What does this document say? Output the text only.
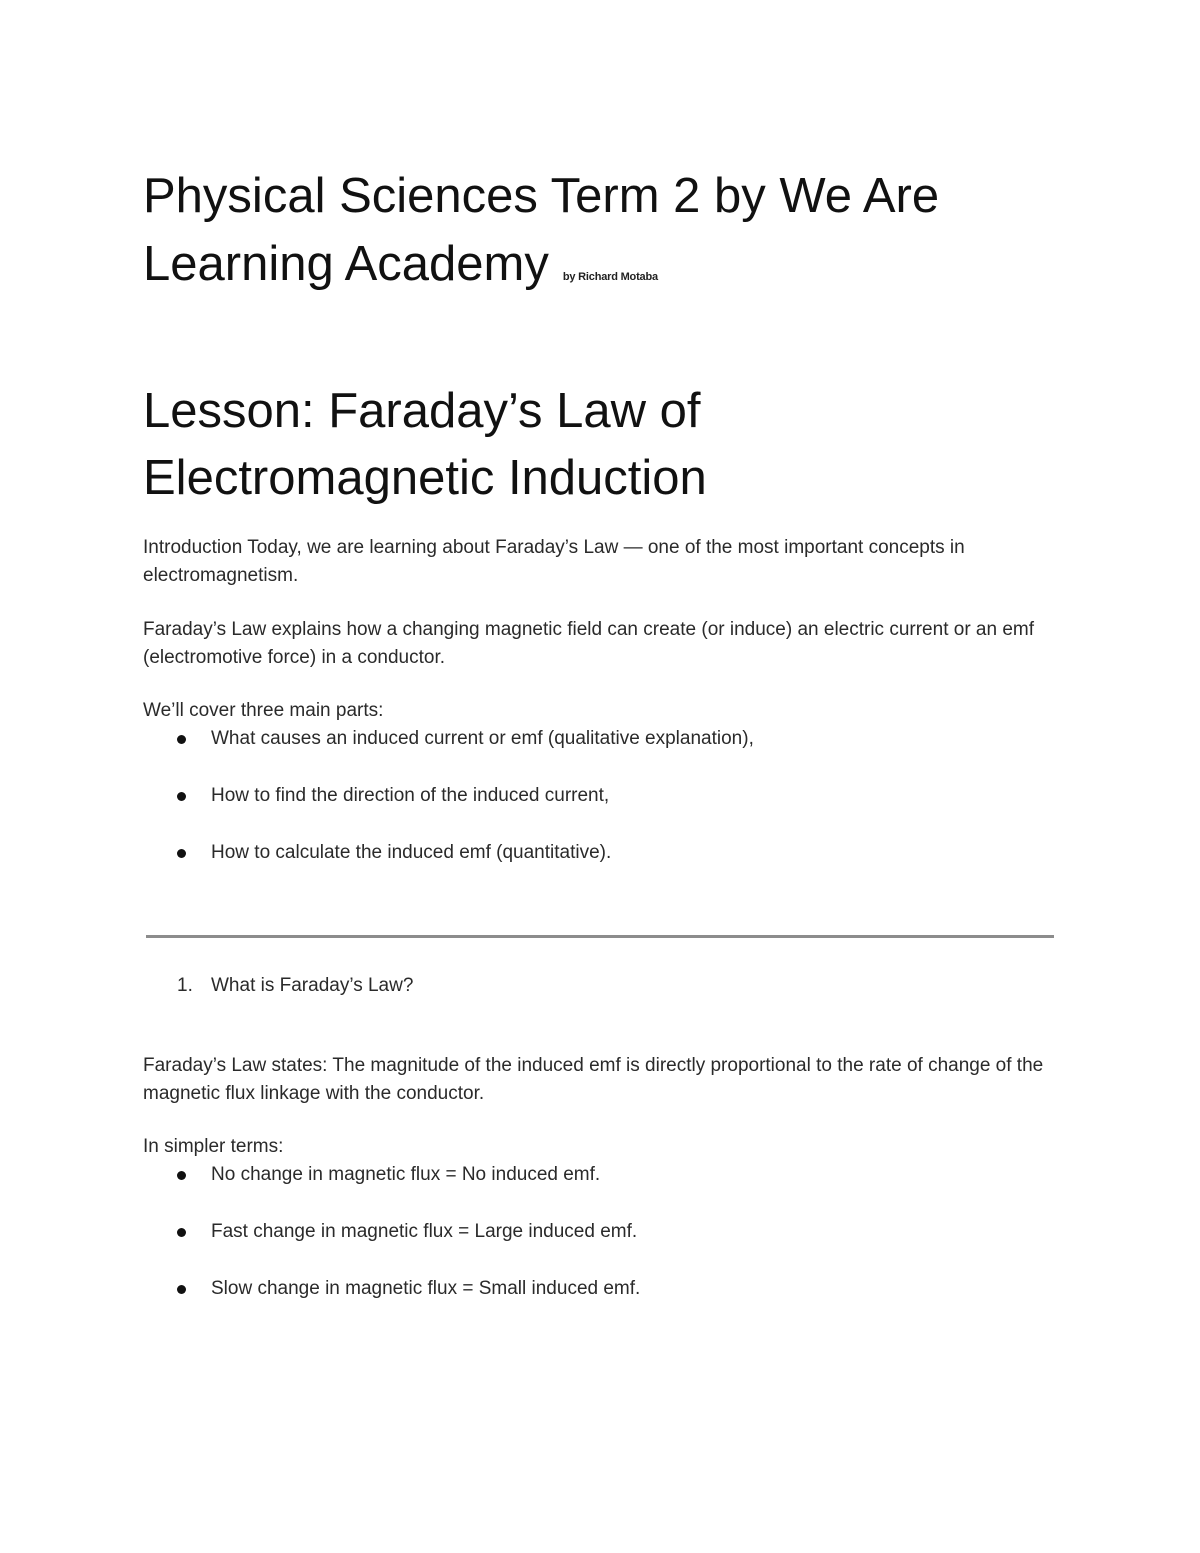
Physical Sciences Term 2 by We Are Learning Academy by Richard Motaba
Lesson: Faraday’s Law of Electromagnetic Induction

Introduction Today, we are learning about Faraday’s Law — one of the most important concepts in electromagnetism.

Faraday’s Law explains how a changing magnetic field can create (or induce) an electric current or an emf (electromotive force) in a conductor.

We’ll cover three main parts:

What causes an induced current or emf (qualitative explanation),
How to find the direction of the induced current,
How to calculate the induced emf (quantitative).
1. What is Faraday’s Law?

Faraday’s Law states: The magnitude of the induced emf is directly proportional to the rate of change of the magnetic flux linkage with the conductor.

In simpler terms:

No change in magnetic flux = No induced emf.
Fast change in magnetic flux = Large induced emf.
Slow change in magnetic flux = Small induced emf.
